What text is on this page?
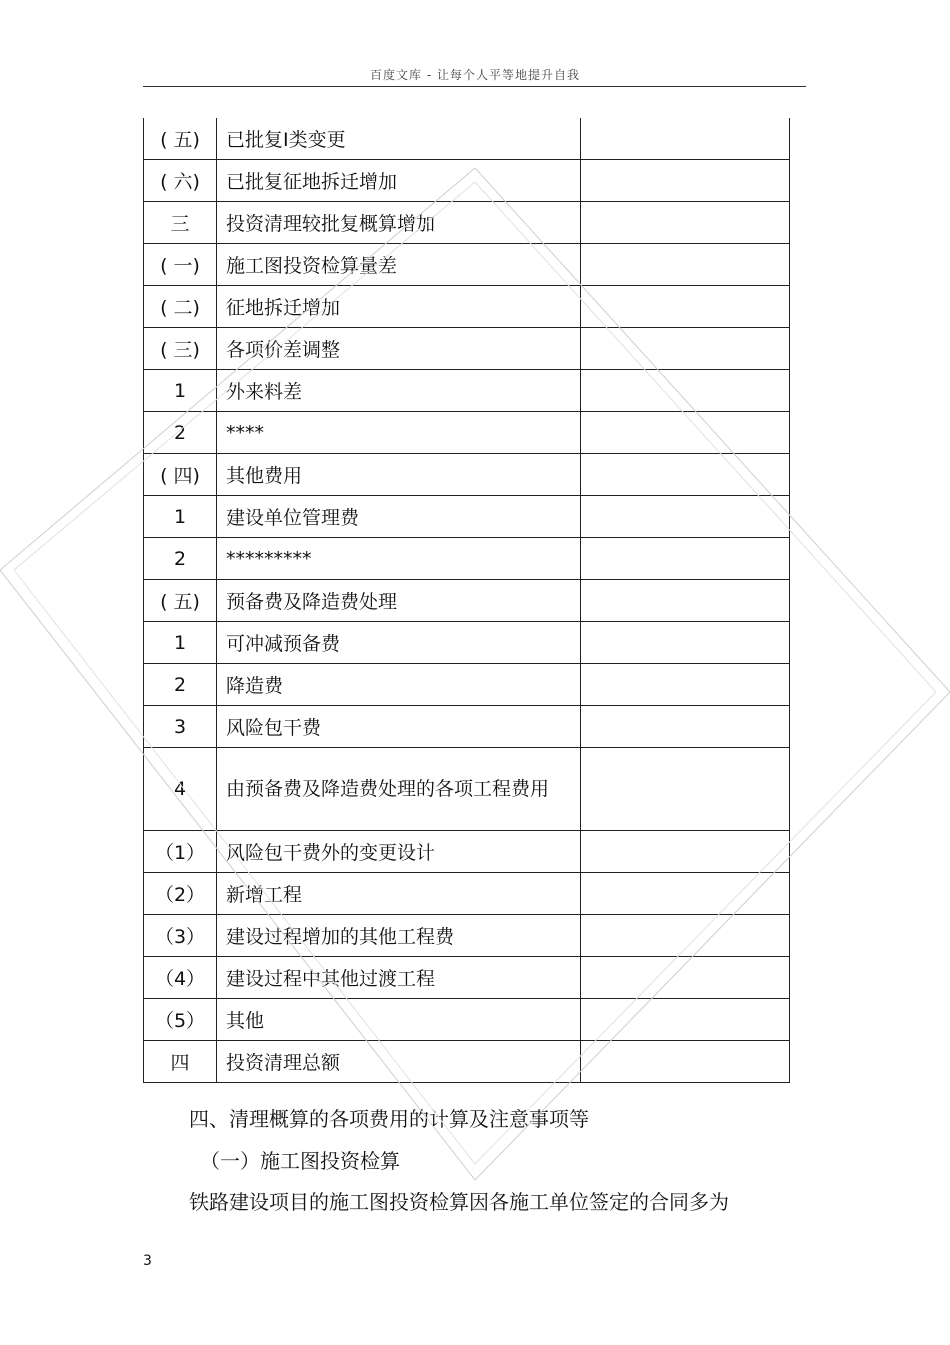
百度文库 - 让每个人平等地提升自我
( 五)	已批复Ⅰ类变更	
( 六)	已批复征地拆迁增加	
三	投资清理较批复概算增加	
( 一)	施工图投资检算量差	
( 二)	征地拆迁增加	
( 三)	各项价差调整	
1	外来料差	
2	****	
( 四)	其他费用	
1	建设单位管理费	
2	*********	
( 五)	预备费及降造费处理	
1	可冲减预备费	
2	降造费	
3	风险包干费	
4	由预备费及降造费处理的各项工程费用	
（1）	风险包干费外的变更设计	
（2）	新增工程	
（3）	建设过程增加的其他工程费	
（4）	建设过程中其他过渡工程	
（5）	其他	
四	投资清理总额	
四、清理概算的各项费用的计算及注意事项等
（一）施工图投资检算
铁路建设项目的施工图投资检算因各施工单位签定的合同多为
3
